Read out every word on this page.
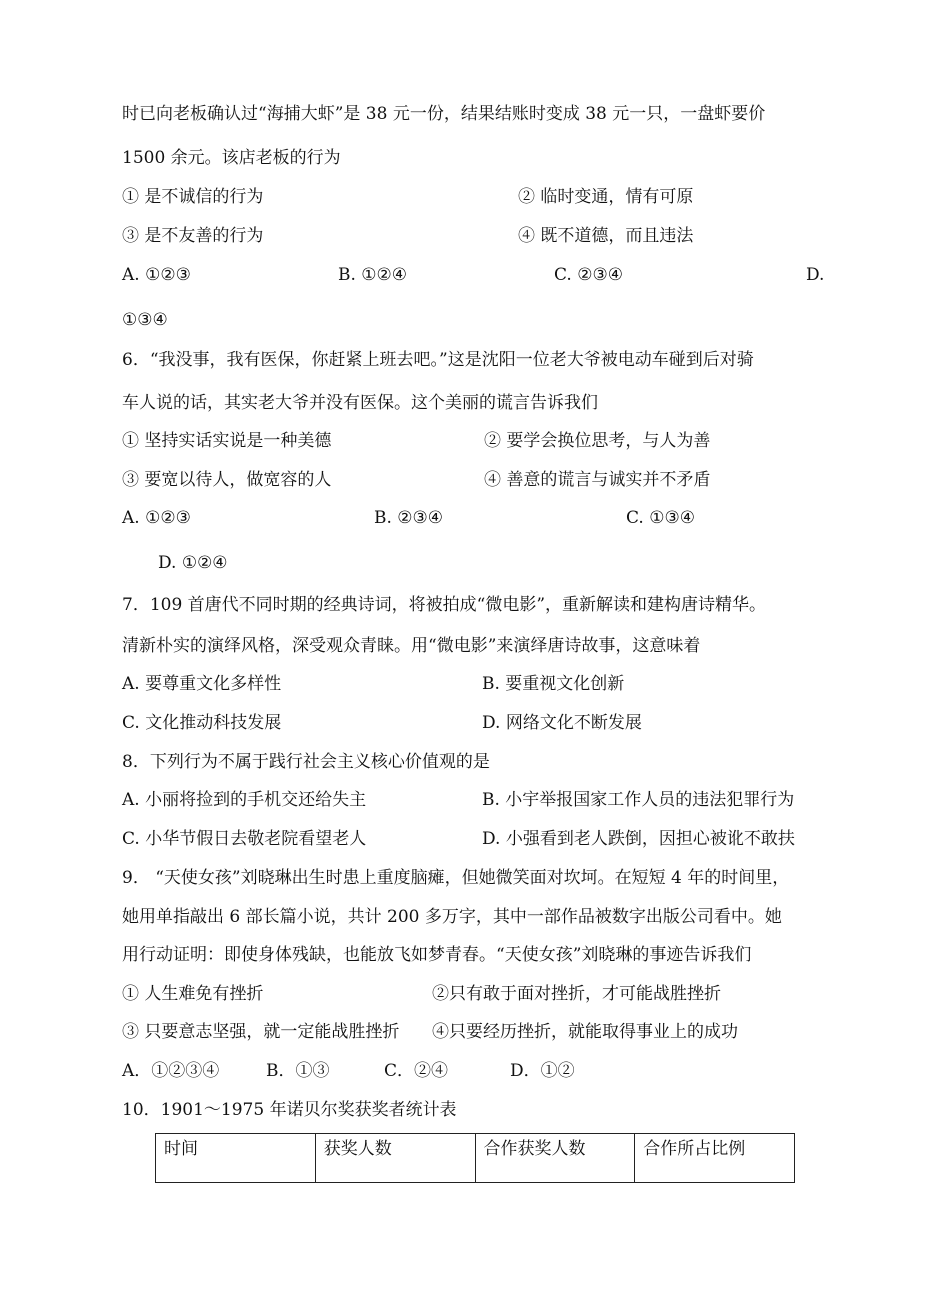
时已向老板确认过“海捕大虾”是 38 元一份，结果结账时变成 38 元一只，一盘虾要价
1500 余元。该店老板的行为
① 是不诚信的行为	② 临时变通，情有可原
③ 是不友善的行为	④ 既不道德，而且违法
A. ①②③	B. ①②④	C. ②③④	D.
①③④
6．“我没事，我有医保，你赶紧上班去吧。”这是沈阳一位老大爷被电动车碰到后对骑
车人说的话，其实老大爷并没有医保。这个美丽的谎言告诉我们
① 坚持实话实说是一种美德	② 要学会换位思考，与人为善
③ 要宽以待人，做宽容的人	④ 善意的谎言与诚实并不矛盾
A. ①②③	B. ②③④	C. ①③④
D. ①②④
7．109 首唐代不同时期的经典诗词，将被拍成“微电影”，重新解读和建构唐诗精华。
清新朴实的演绎风格，深受观众青睐。用“微电影”来演绎唐诗故事，这意味着
A. 要尊重文化多样性	B. 要重视文化创新
C. 文化推动科技发展	D. 网络文化不断发展
8．下列行为不属于践行社会主义核心价值观的是
A. 小丽将捡到的手机交还给失主	B. 小宇举报国家工作人员的违法犯罪行为
C. 小华节假日去敬老院看望老人	D. 小强看到老人跌倒，因担心被讹不敢扶
9． “天使女孩”刘晓琳出生时患上重度脑瘫，但她微笑面对坎坷。在短短 4 年的时间里，
她用单指敲出 6 部长篇小说，共计 200 多万字，其中一部作品被数字出版公司看中。她
用行动证明：即使身体残缺，也能放飞如梦青春。“天使女孩”刘晓琳的事迹告诉我们
① 人生难免有挫折	②只有敢于面对挫折，才可能战胜挫折
③ 只要意志坚强，就一定能战胜挫折 ④只要经历挫折，就能取得事业上的成功
A．①②③④	B．①③	C．②④	D．①②
10．1901～1975 年诺贝尔奖获奖者统计表
时间	获奖人数	合作获奖人数	合作所占比例
